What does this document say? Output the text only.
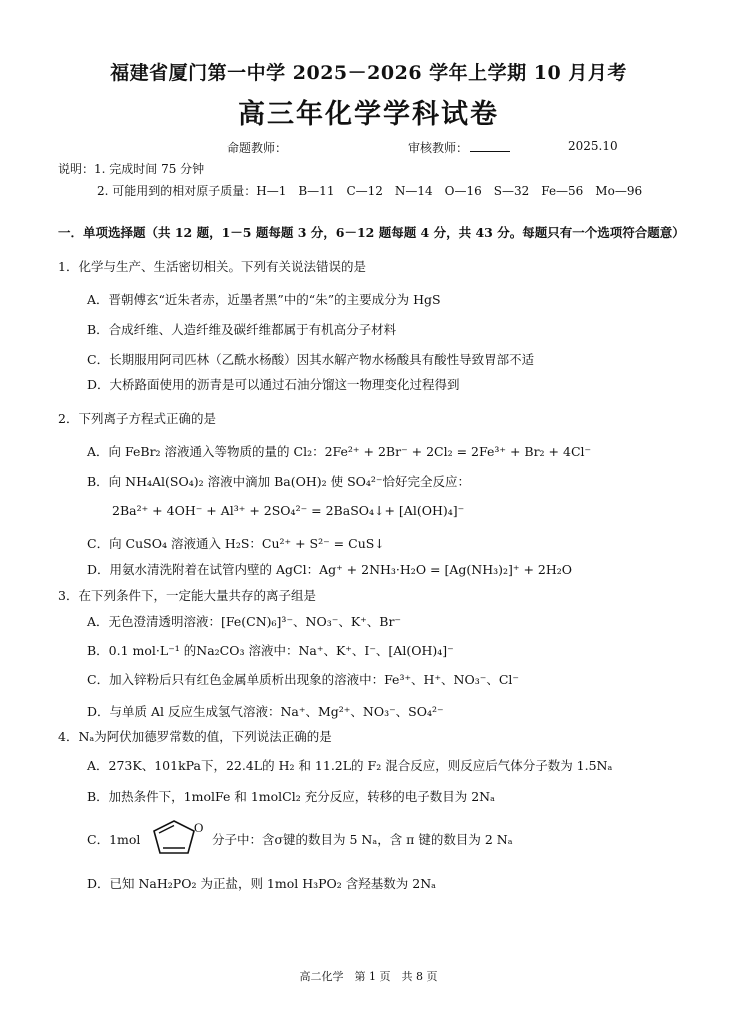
福建省厦门第一中学 2025－2026 学年上学期 10 月月考
高三年化学学科试卷
命题教师：	审核教师：	2025.10
说明：1. 完成时间 75 分钟
2. 可能用到的相对原子质量：H—1　B—11　C—12　N—14　O—16　S—32　Fe—56　Mo—96
一．单项选择题（共 12 题，1－5 题每题 3 分，6－12 题每题 4 分，共 43 分。每题只有一个选项符合题意）
1．化学与生产、生活密切相关。下列有关说法错误的是
A．晋朝傅玄“近朱者赤，近墨者黑”中的“朱”的主要成分为 HgS
B．合成纤维、人造纤维及碳纤维都属于有机高分子材料
C．长期服用阿司匹林（乙酰水杨酸）因其水解产物水杨酸具有酸性导致胃部不适
D．大桥路面使用的沥青是可以通过石油分馏这一物理变化过程得到
2．下列离子方程式正确的是
A．向 FeBr₂ 溶液通入等物质的量的 Cl₂：2Fe²⁺ + 2Br⁻ + 2Cl₂ = 2Fe³⁺ + Br₂ + 4Cl⁻
B．向 NH₄Al(SO₄)₂ 溶液中滴加 Ba(OH)₂ 使 SO₄²⁻恰好完全反应：
2Ba²⁺ + 4OH⁻ + Al³⁺ + 2SO₄²⁻ = 2BaSO₄↓+ [Al(OH)₄]⁻
C．向 CuSO₄ 溶液通入 H₂S：Cu²⁺ + S²⁻ = CuS↓
D．用氨水清洗附着在试管内壁的 AgCl：Ag⁺ + 2NH₃·H₂O = [Ag(NH₃)₂]⁺ + 2H₂O
3．在下列条件下，一定能大量共存的离子组是
A．无色澄清透明溶液：[Fe(CN)₆]³⁻、NO₃⁻、K⁺、Br⁻
B．0.1 mol·L⁻¹ 的Na₂CO₃ 溶液中：Na⁺、K⁺、I⁻、[Al(OH)₄]⁻
C．加入锌粉后只有红色金属单质析出现象的溶液中：Fe³⁺、H⁺、NO₃⁻、Cl⁻
D．与单质 Al 反应生成氢气溶液：Na⁺、Mg²⁺、NO₃⁻、SO₄²⁻
4．Nₐ为阿伏加德罗常数的值，下列说法正确的是
A．273K、101kPa下，22.4L的 H₂ 和 11.2L的 F₂ 混合反应，则反应后气体分子数为 1.5Nₐ
B．加热条件下，1molFe 和 1molCl₂ 充分反应，转移的电子数目为 2Nₐ
C．1mol
O
分子中：含σ键的数目为 5 Nₐ，含 π 键的数目为 2 Nₐ
D．已知 NaH₂PO₂ 为正盐，则 1mol H₃PO₂ 含羟基数为 2Nₐ
高二化学　第 1 页　共 8 页
